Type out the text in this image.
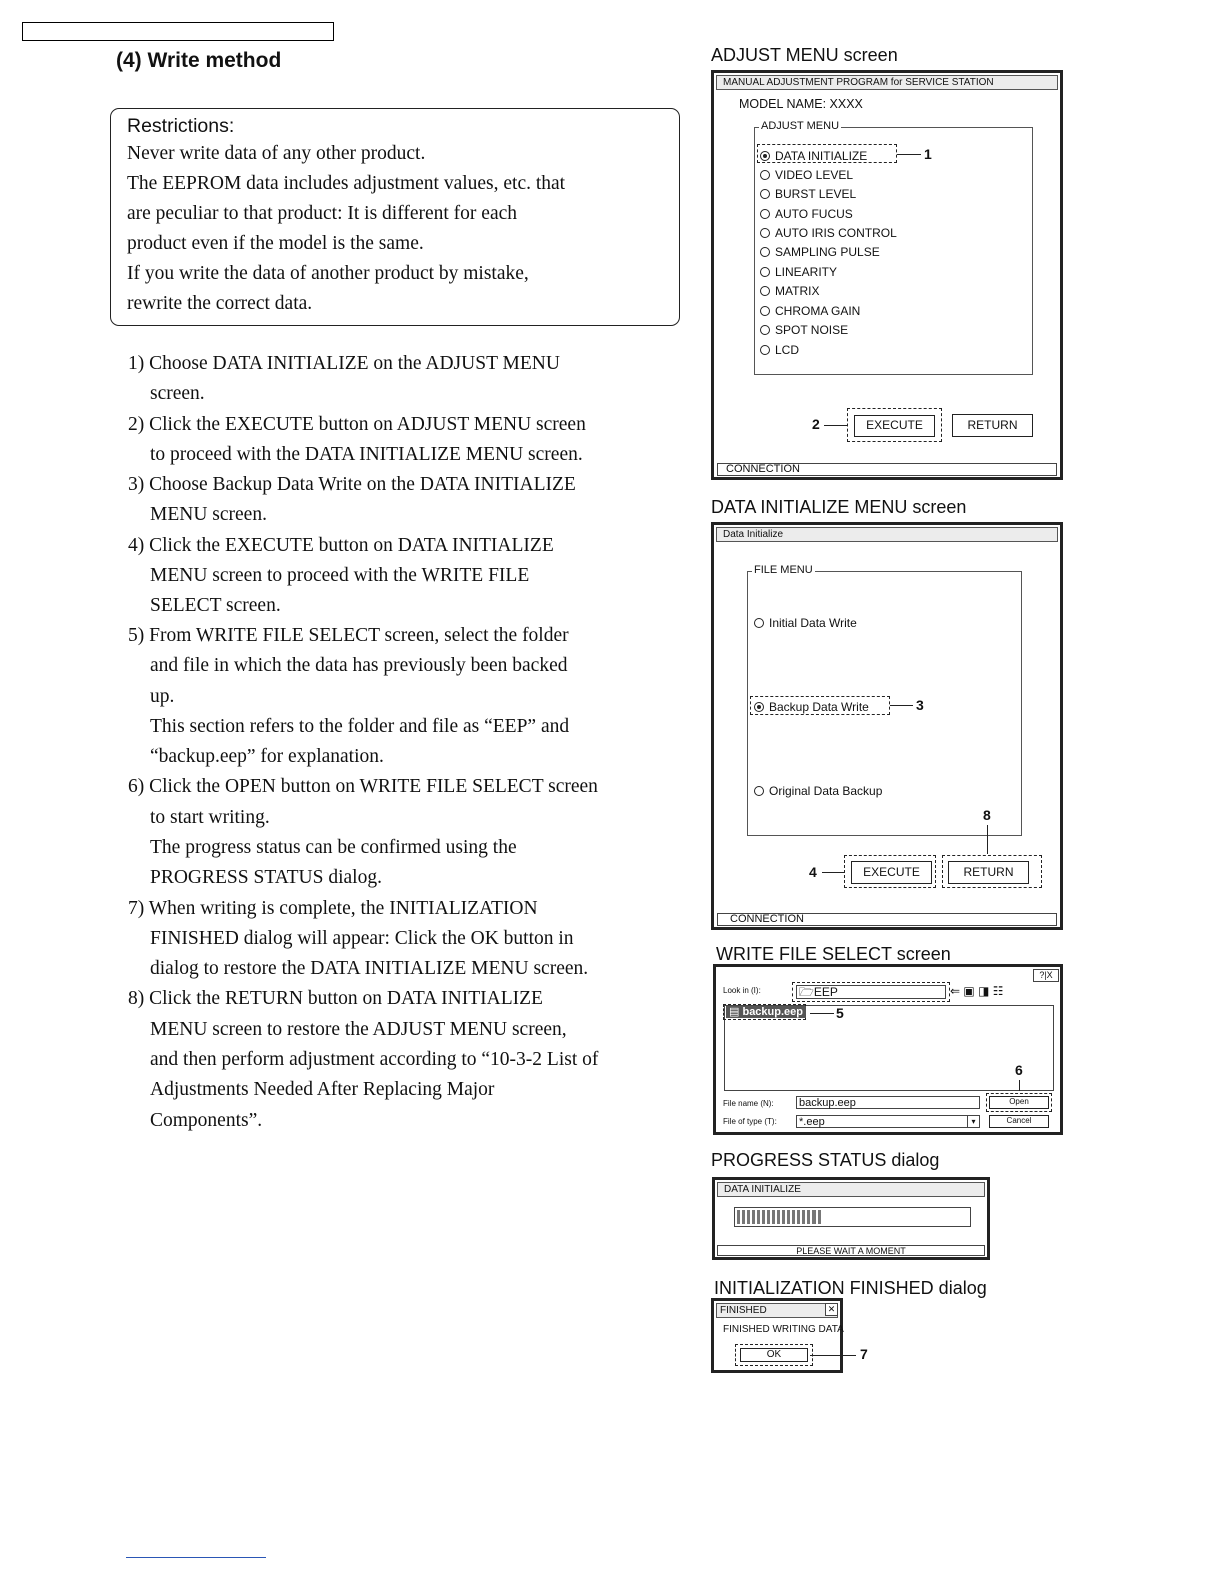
(4) Write method
Restrictions:
Never write data of any other product.
The EEPROM data includes adjustment values, etc. that
are peculiar to that product: It is different for each
product even if the model is the same.
If you write the data of another product by mistake,
rewrite the correct data.
1) Choose DATA INITIALIZE on the ADJUST MENU
screen.
2) Click the EXECUTE button on ADJUST MENU screen
to proceed with the DATA INITIALIZE MENU screen.
3) Choose Backup Data Write on the DATA INITIALIZE
MENU screen.
4) Click the EXECUTE button on DATA INITIALIZE
MENU screen to proceed with the WRITE FILE
SELECT screen.
5) From WRITE FILE SELECT screen, select the folder
and file in which the data has previously been backed
up.
This section refers to the folder and file as “EEP” and
“backup.eep” for explanation.
6) Click the OPEN button on WRITE FILE SELECT screen
to start writing.
The progress status can be confirmed using the
PROGRESS STATUS dialog.
7) When writing is complete, the INITIALIZATION
FINISHED dialog will appear: Click the OK button in
dialog to restore the DATA INITIALIZE MENU screen.
8) Click the RETURN button on DATA INITIALIZE
MENU screen to restore the ADJUST MENU screen,
and then perform adjustment according to “10-3-2 List of
Adjustments Needed After Replacing Major
Components”.
ADJUST MENU screen
MANUAL ADJUSTMENT PROGRAM for SERVICE STATION
MODEL NAME: XXXX
ADJUST MENU
DATA INITIALIZE
VIDEO LEVEL
BURST LEVEL
AUTO FUCUS
AUTO IRIS CONTROL
SAMPLING PULSE
LINEARITY
MATRIX
CHROMA GAIN
SPOT NOISE
LCD
1
EXECUTE	RETURN
2
CONNECTION
DATA INITIALIZE MENU screen
Data Initialize
FILE MENU
Initial Data Write
Backup Data Write	3
Original Data Backup
8
EXECUTE	RETURN
4
CONNECTION
WRITE FILE SELECT screen
?|X
Look in (I):	🗁EEP	⇐ ▣ ◨ ☷
▤ backup.eep 5
6
File name (N): backup.eep
File of type (T): *.eep	▾
Open
Cancel
PROGRESS STATUS dialog
DATA INITIALIZE
PLEASE WAIT A MOMENT
INITIALIZATION FINISHED dialog
FINISHED	✕
FINISHED WRITING DATA
OK	7
